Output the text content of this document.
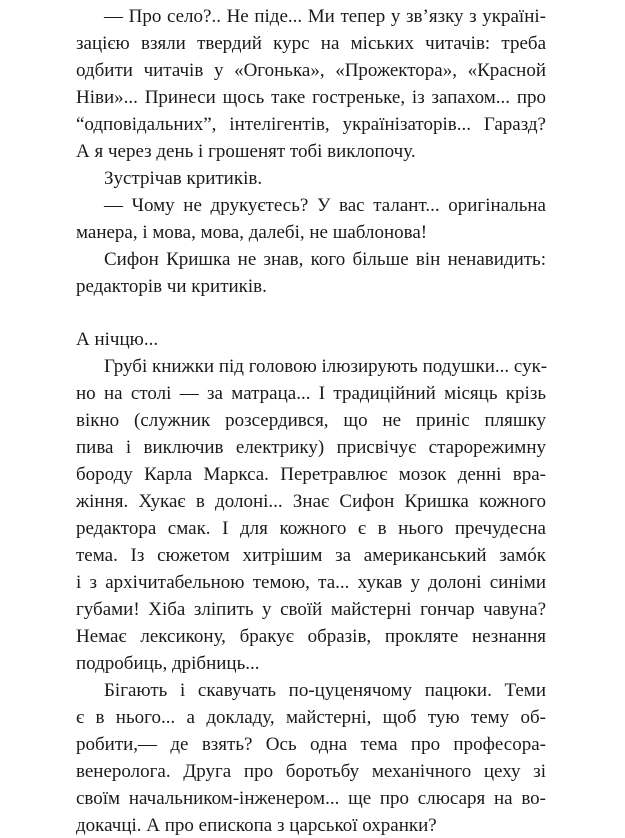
— Про село?.. Не піде... Ми тепер у зв’язку з українi-
зацією взяли твердий курс на міських читачів: треба
одбити читачів у «Огонька», «Прожектора», «Красной
Ніви»... Принеси щось таке гостреньке, із запахом... про
“одповідальних”, інтелігентів, українізаторів... Гаразд?
А я через день і грошенят тобі виклопочу.
Зустрічав критиків.
— Чому не друкуєтесь? У вас талант... оригінальна
манера, і мова, мова, далебі, не шаблонова!
Сифон Кришка не знав, кого більше він ненавидить:
редакторів чи критиків.
А нічцю...
Грубі книжки під головою ілюзирують подушки... сук-
но на столі — за матраца... І традиційний місяць крізь
вікно (служник розсердився, що не приніс пляшку
пива і виключив електрику) присвічує старорежимну
бороду Карла Маркса. Перетравлює мозок денні вра-
жіння. Хукає в долоні... Знає Сифон Кришка кожного
редактора смак. І для кожного є в нього пречудесна
тема. Із сюжетом хитрішим за американський замóк
і з архічитабельною темою, та... хукав у долоні синіми
губами! Хіба зліпить у своїй майстерні гончар чавуна?
Немає лексикону, бракує образів, прокляте незнання
подробиць, дрібниць...
Бігають і скавучать по-цуценячому пацюки. Теми
є в нього... а докладу, майстерні, щоб тую тему об-
робити,— де взять? Ось одна тема про професора-
венеролога. Друга про боротьбу механічного цеху зі
своїм начальником-інженером... ще про слюсаря на во-
докачці. А про епископа з царської охранки?
